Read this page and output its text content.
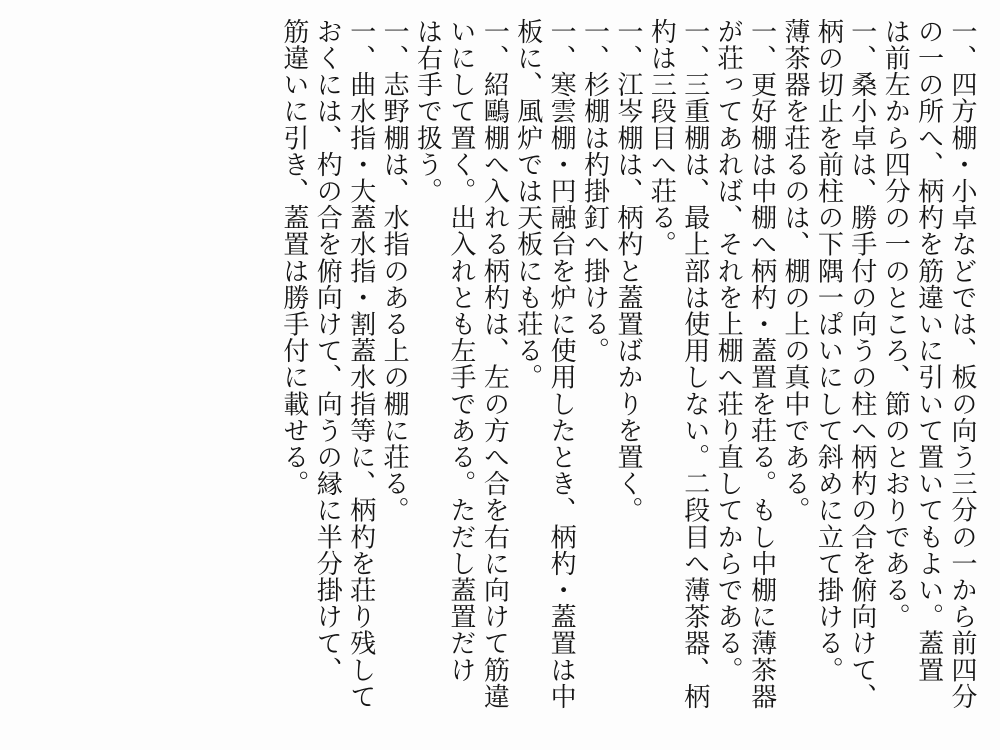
一、四方棚・小卓などでは、板の向う三分の一から前四分
の一の所へ、柄杓を筋違いに引いて置いてもよい。蓋置
は前左から四分の一のところ、節のとおりである。
一、桑小卓は、勝手付の向うの柱へ柄杓の合を俯向けて、
柄の切止を前柱の下隅一ぱいにして斜めに立て掛ける。
薄茶器を荘るのは、棚の上の真中である。
一、更好棚は中棚へ柄杓・蓋置を荘る。もし中棚に薄茶器
が荘ってあれば、それを上棚へ荘り直してからである。
一、三重棚は、最上部は使用しない。二段目へ薄茶器、柄
杓は三段目へ荘る。
一、江岑棚は、柄杓と蓋置ばかりを置く。
一、杉棚は杓掛釘へ掛ける。
一、寒雲棚・円融台を炉に使用したとき、柄杓・蓋置は中
板に、風炉では天板にも荘る。
一、紹鷗棚へ入れる柄杓は、左の方へ合を右に向けて筋違
いにして置く。出入れとも左手である。ただし蓋置だけ
は右手で扱う。
一、志野棚は、水指のある上の棚に荘る。
一、曲水指・大蓋水指・割蓋水指等に、柄杓を荘り残して
おくには、杓の合を俯向けて、向うの縁に半分掛けて、
筋違いに引き、蓋置は勝手付に載せる。
